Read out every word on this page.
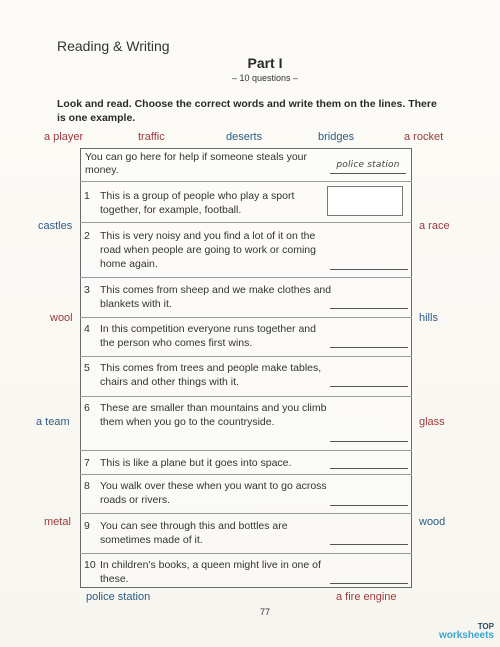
Reading & Writing
Part I
– 10 questions –
Look and read. Choose the correct words and write them on the lines. There is one example.
a player	traffic	deserts	bridges	a rocket
castles	a race
wool	hills
a team	glass
metal	wood
police station	a fire engine
You can go here for help if someone steals your money.	police station
1 This is a group of people who play a sport together, for example, football.
2 This is very noisy and you find a lot of it on the road when people are going to work or coming home again.
3 This comes from sheep and we make clothes and blankets with it.
4 In this competition everyone runs together and the person who comes first wins.
5 This comes from trees and people make tables, chairs and other things with it.
6 These are smaller than mountains and you climb them when you go to the countryside.
7 This is like a plane but it goes into space.
8 You walk over these when you want to go across roads or rivers.
9 You can see through this and bottles are sometimes made of it.
10 In children's books, a queen might live in one of these.
77
TOP
worksheets
